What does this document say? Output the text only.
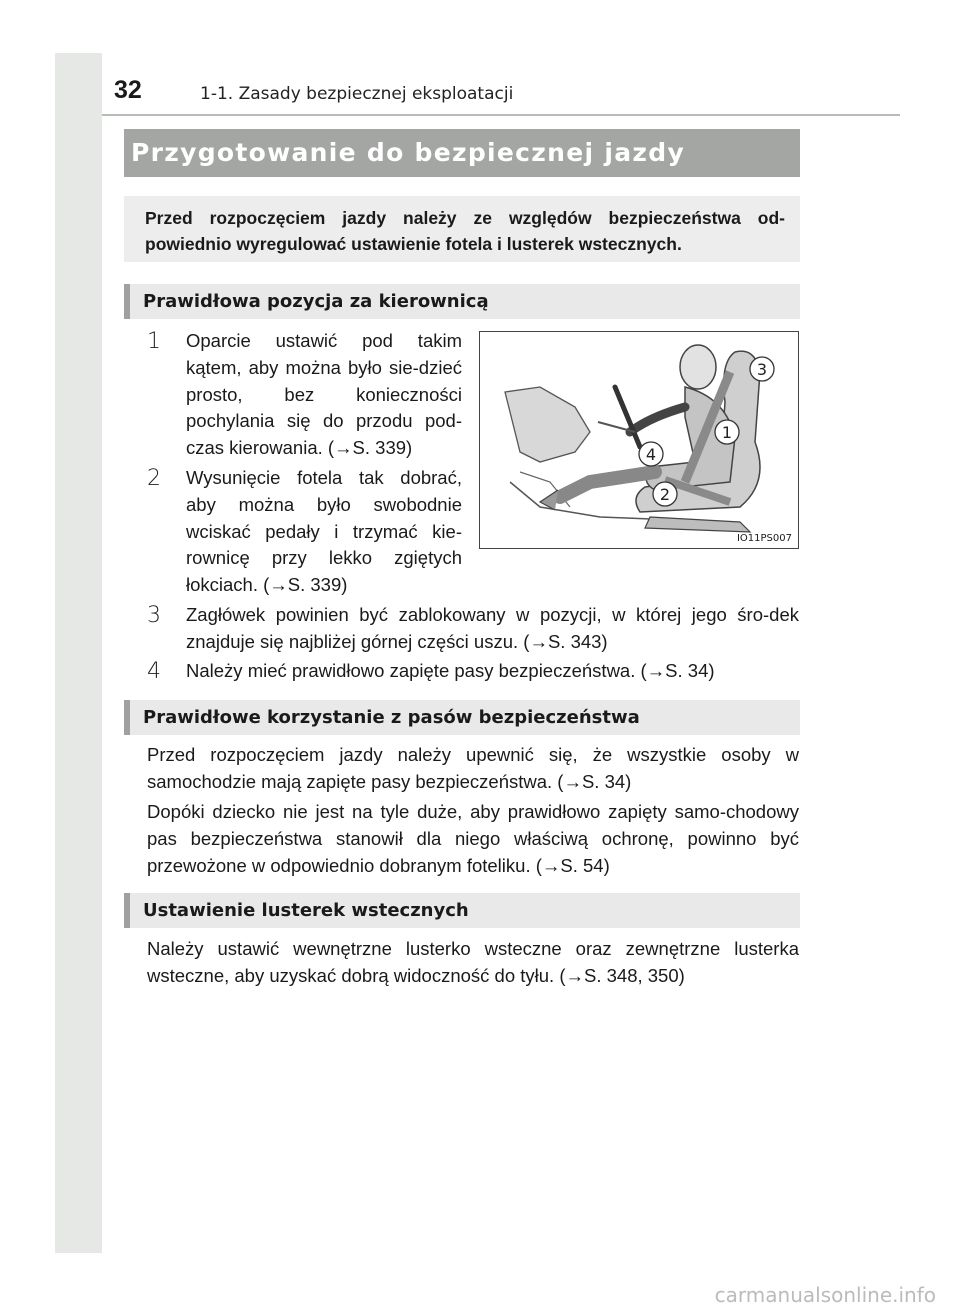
32	1-1. Zasady bezpiecznej eksploatacji
Przygotowanie do bezpiecznej jazdy
Przed rozpoczęciem jazdy należy ze względów bezpieczeństwa od-powiednio wyregulować ustawienie fotela i lusterek wstecznych.
Prawidłowa pozycja za kierownicą
1 Oparcie ustawić pod takim kątem, aby można było sie-dzieć prosto, bez konieczności pochylania się do przodu pod-czas kierowania. (→S. 339)
2 Wysunięcie fotela tak dobrać, aby można było swobodnie wciskać pedały i trzymać kie-rownicę przy lekko zgiętych łokciach. (→S. 339)
3 Zagłówek powinien być zablokowany w pozycji, w której jego śro-dek znajduje się najbliżej górnej części uszu. (→S. 343)
4 Należy mieć prawidłowo zapięte pasy bezpieczeństwa. (→S. 34)
3
1
4
2
IO11PS007
Prawidłowe korzystanie z pasów bezpieczeństwa
Przed rozpoczęciem jazdy należy upewnić się, że wszystkie osoby w samochodzie mają zapięte pasy bezpieczeństwa. (→S. 34)
Dopóki dziecko nie jest na tyle duże, aby prawidłowo zapięty samo-chodowy pas bezpieczeństwa stanowił dla niego właściwą ochronę, powinno być przewożone w odpowiednio dobranym foteliku. (→S. 54)
Ustawienie lusterek wstecznych
Należy ustawić wewnętrzne lusterko wsteczne oraz zewnętrzne lusterka wsteczne, aby uzyskać dobrą widoczność do tyłu. (→S. 348, 350)
carmanualsonline.info
